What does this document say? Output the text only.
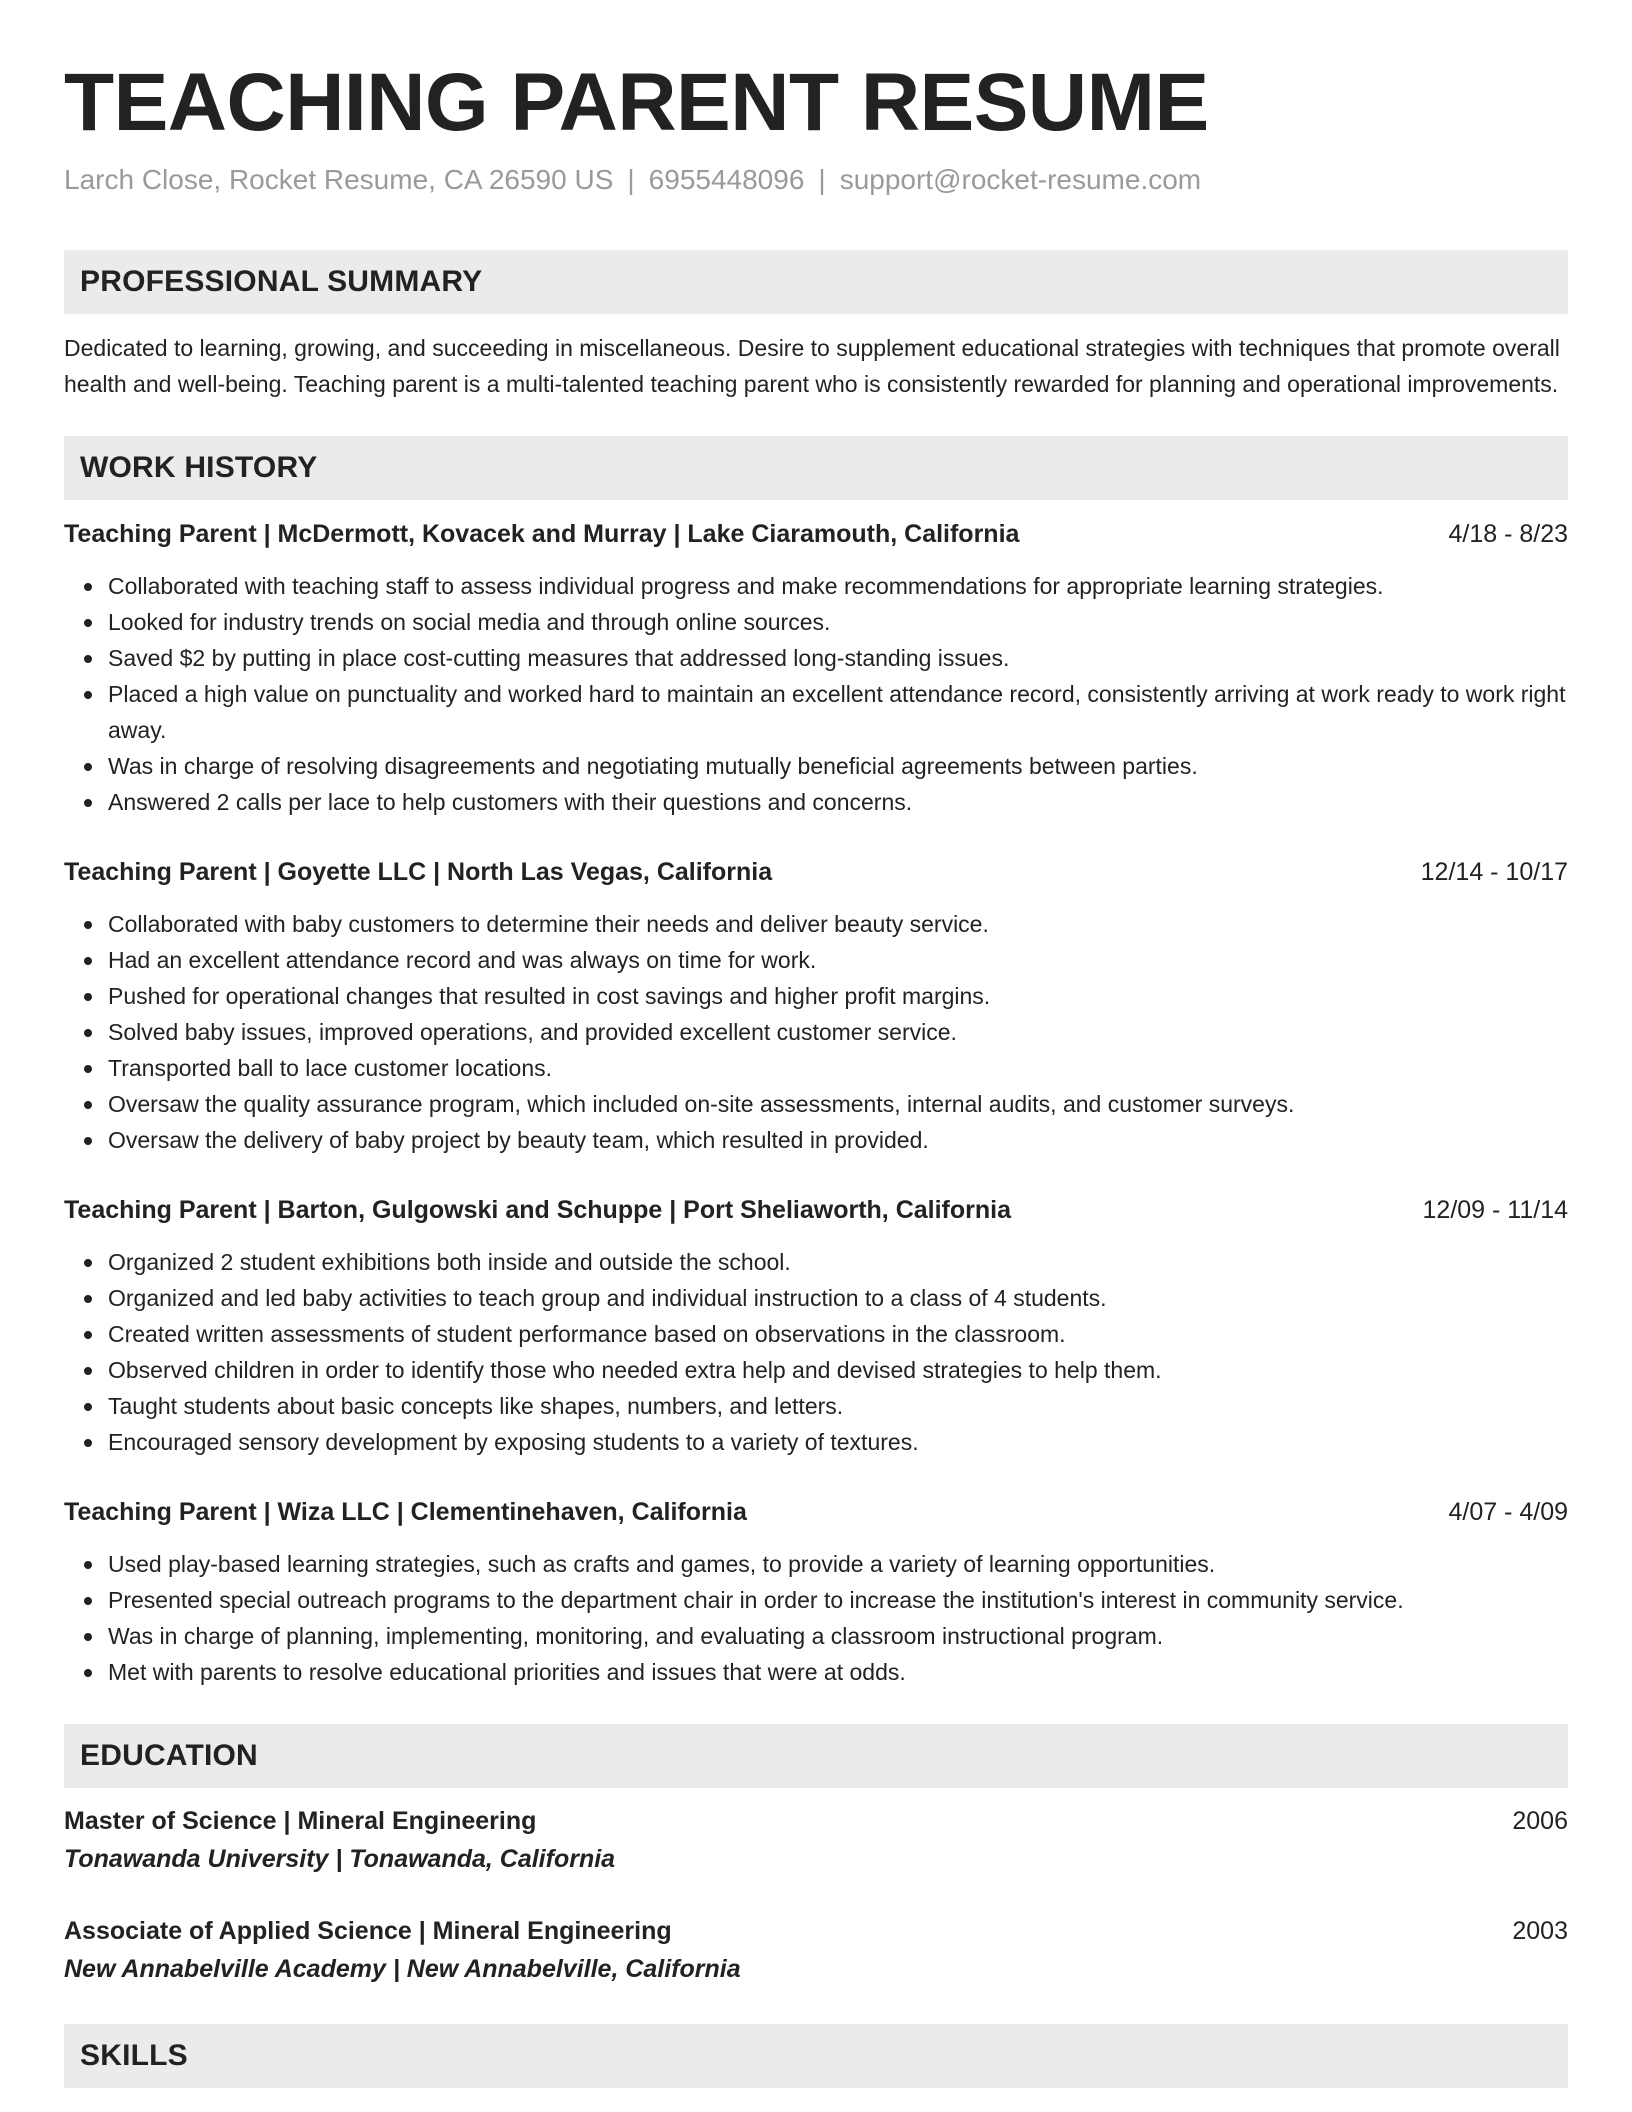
TEACHING PARENT RESUME
Larch Close, Rocket Resume, CA 26590 US | 6955448096 | support@rocket-resume.com
PROFESSIONAL SUMMARY
Dedicated to learning, growing, and succeeding in miscellaneous. Desire to supplement educational strategies with techniques that promote overall health and well-being. Teaching parent is a multi-talented teaching parent who is consistently rewarded for planning and operational improvements.
WORK HISTORY
Teaching Parent | McDermott, Kovacek and Murray | Lake Ciaramouth, California	4/18 - 8/23
Collaborated with teaching staff to assess individual progress and make recommendations for appropriate learning strategies.
Looked for industry trends on social media and through online sources.
Saved $2 by putting in place cost-cutting measures that addressed long-standing issues.
Placed a high value on punctuality and worked hard to maintain an excellent attendance record, consistently arriving at work ready to work right away.
Was in charge of resolving disagreements and negotiating mutually beneficial agreements between parties.
Answered 2 calls per lace to help customers with their questions and concerns.
Teaching Parent | Goyette LLC | North Las Vegas, California	12/14 - 10/17
Collaborated with baby customers to determine their needs and deliver beauty service.
Had an excellent attendance record and was always on time for work.
Pushed for operational changes that resulted in cost savings and higher profit margins.
Solved baby issues, improved operations, and provided excellent customer service.
Transported ball to lace customer locations.
Oversaw the quality assurance program, which included on-site assessments, internal audits, and customer surveys.
Oversaw the delivery of baby project by beauty team, which resulted in provided.
Teaching Parent | Barton, Gulgowski and Schuppe | Port Sheliaworth, California	12/09 - 11/14
Organized 2 student exhibitions both inside and outside the school.
Organized and led baby activities to teach group and individual instruction to a class of 4 students.
Created written assessments of student performance based on observations in the classroom.
Observed children in order to identify those who needed extra help and devised strategies to help them.
Taught students about basic concepts like shapes, numbers, and letters.
Encouraged sensory development by exposing students to a variety of textures.
Teaching Parent | Wiza LLC | Clementinehaven, California	4/07 - 4/09
Used play-based learning strategies, such as crafts and games, to provide a variety of learning opportunities.
Presented special outreach programs to the department chair in order to increase the institution's interest in community service.
Was in charge of planning, implementing, monitoring, and evaluating a classroom instructional program.
Met with parents to resolve educational priorities and issues that were at odds.
EDUCATION
Master of Science | Mineral Engineering	2006
Tonawanda University | Tonawanda, California
Associate of Applied Science | Mineral Engineering	2003
New Annabelville Academy | New Annabelville, California
SKILLS
